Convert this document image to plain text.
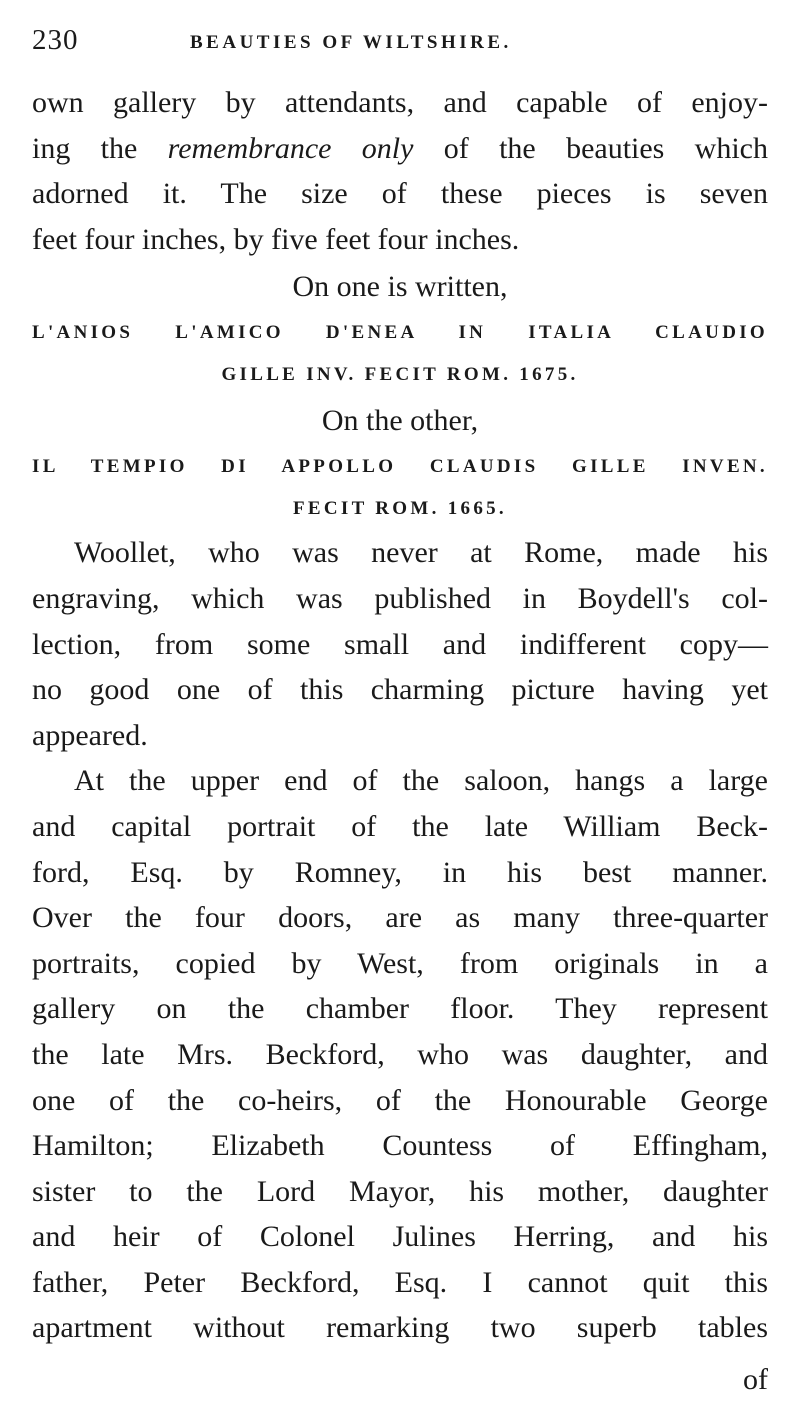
230	BEAUTIES OF WILTSHIRE.
own gallery by attendants, and capable of enjoy-
ing the remembrance only of the beauties which
adorned it. The size of these pieces is seven
feet four inches, by five feet four inches.
On one is written,
L'ANIOS L'AMICO D'ENEA IN ITALIA CLAUDIO
GILLE INV. FECIT ROM. 1675.
On the other,
IL TEMPIO DI APPOLLO CLAUDIS GILLE INVEN.
FECIT ROM. 1665.
Woollet, who was never at Rome, made his
engraving, which was published in Boydell's col-
lection, from some small and indifferent copy—
no good one of this charming picture having yet
appeared.
At the upper end of the saloon, hangs a large
and capital portrait of the late William Beck-
ford, Esq. by Romney, in his best manner.
Over the four doors, are as many three-quarter
portraits, copied by West, from originals in a
gallery on the chamber floor. They represent
the late Mrs. Beckford, who was daughter, and
one of the co-heirs, of the Honourable George
Hamilton; Elizabeth Countess of Effingham,
sister to the Lord Mayor, his mother, daughter
and heir of Colonel Julines Herring, and his
father, Peter Beckford, Esq. I cannot quit this
apartment without remarking two superb tables
of
